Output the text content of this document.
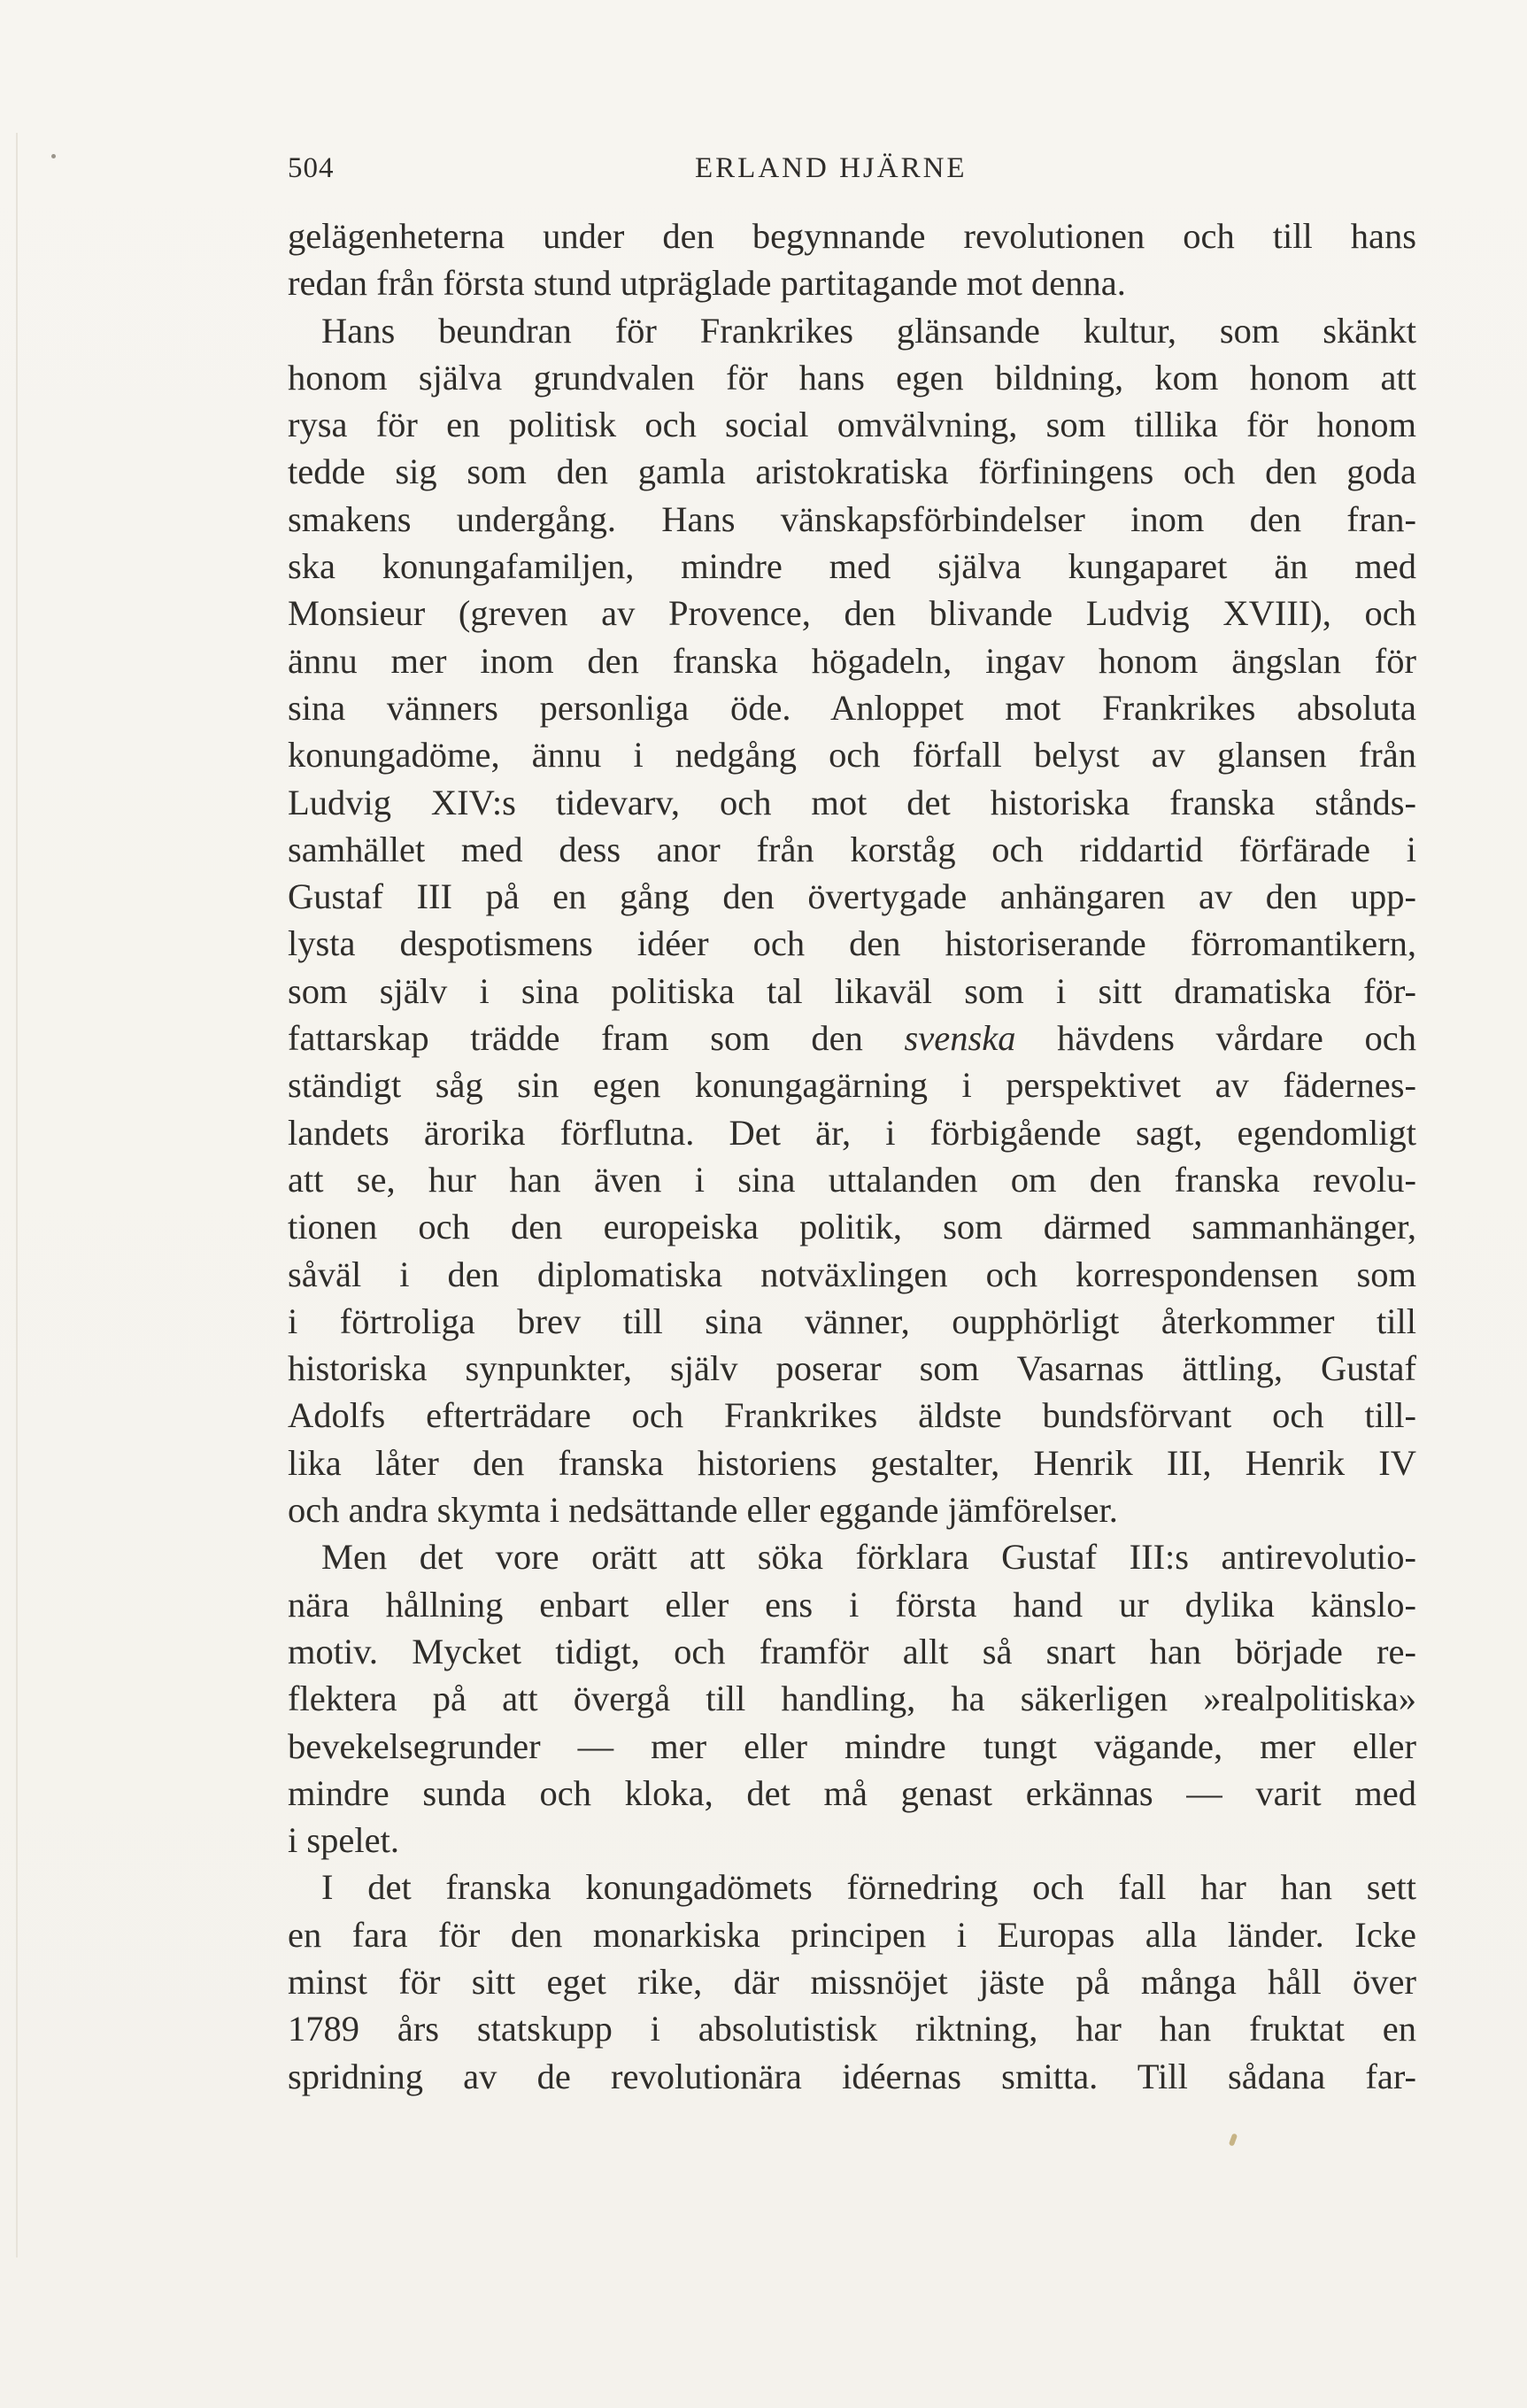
504	ERLAND HJÄRNE
gelägenheterna under den begynnande revolutionen och till hans
redan från första stund utpräglade partitagande mot denna.
Hans beundran för Frankrikes glänsande kultur, som skänkt
honom själva grundvalen för hans egen bildning, kom honom att
rysa för en politisk och social omvälvning, som tillika för honom
tedde sig som den gamla aristokratiska förfiningens och den goda
smakens undergång. Hans vänskapsförbindelser inom den fran-
ska konungafamiljen, mindre med själva kungaparet än med
Monsieur (greven av Provence, den blivande Ludvig XVIII), och
ännu mer inom den franska högadeln, ingav honom ängslan för
sina vänners personliga öde. Anloppet mot Frankrikes absoluta
konungadöme, ännu i nedgång och förfall belyst av glansen från
Ludvig XIV:s tidevarv, och mot det historiska franska stånds-
samhället med dess anor från korståg och riddartid förfärade i
Gustaf III på en gång den övertygade anhängaren av den upp-
lysta despotismens idéer och den historiserande förromantikern,
som själv i sina politiska tal likaväl som i sitt dramatiska för-
fattarskap trädde fram som den svenska hävdens vårdare och
ständigt såg sin egen konungagärning i perspektivet av fädernes-
landets ärorika förflutna. Det är, i förbigående sagt, egendomligt
att se, hur han även i sina uttalanden om den franska revolu-
tionen och den europeiska politik, som därmed sammanhänger,
såväl i den diplomatiska notväxlingen och korrespondensen som
i förtroliga brev till sina vänner, oupphörligt återkommer till
historiska synpunkter, själv poserar som Vasarnas ättling, Gustaf
Adolfs efterträdare och Frankrikes äldste bundsförvant och till-
lika låter den franska historiens gestalter, Henrik III, Henrik IV
och andra skymta i nedsättande eller eggande jämförelser.
Men det vore orätt att söka förklara Gustaf III:s antirevolutio-
nära hållning enbart eller ens i första hand ur dylika känslo-
motiv. Mycket tidigt, och framför allt så snart han började re-
flektera på att övergå till handling, ha säkerligen »realpolitiska»
bevekelsegrunder — mer eller mindre tungt vägande, mer eller
mindre sunda och kloka, det må genast erkännas — varit med
i spelet.
I det franska konungadömets förnedring och fall har han sett
en fara för den monarkiska principen i Europas alla länder. Icke
minst för sitt eget rike, där missnöjet jäste på många håll över
1789 års statskupp i absolutistisk riktning, har han fruktat en
spridning av de revolutionära idéernas smitta. Till sådana far-
